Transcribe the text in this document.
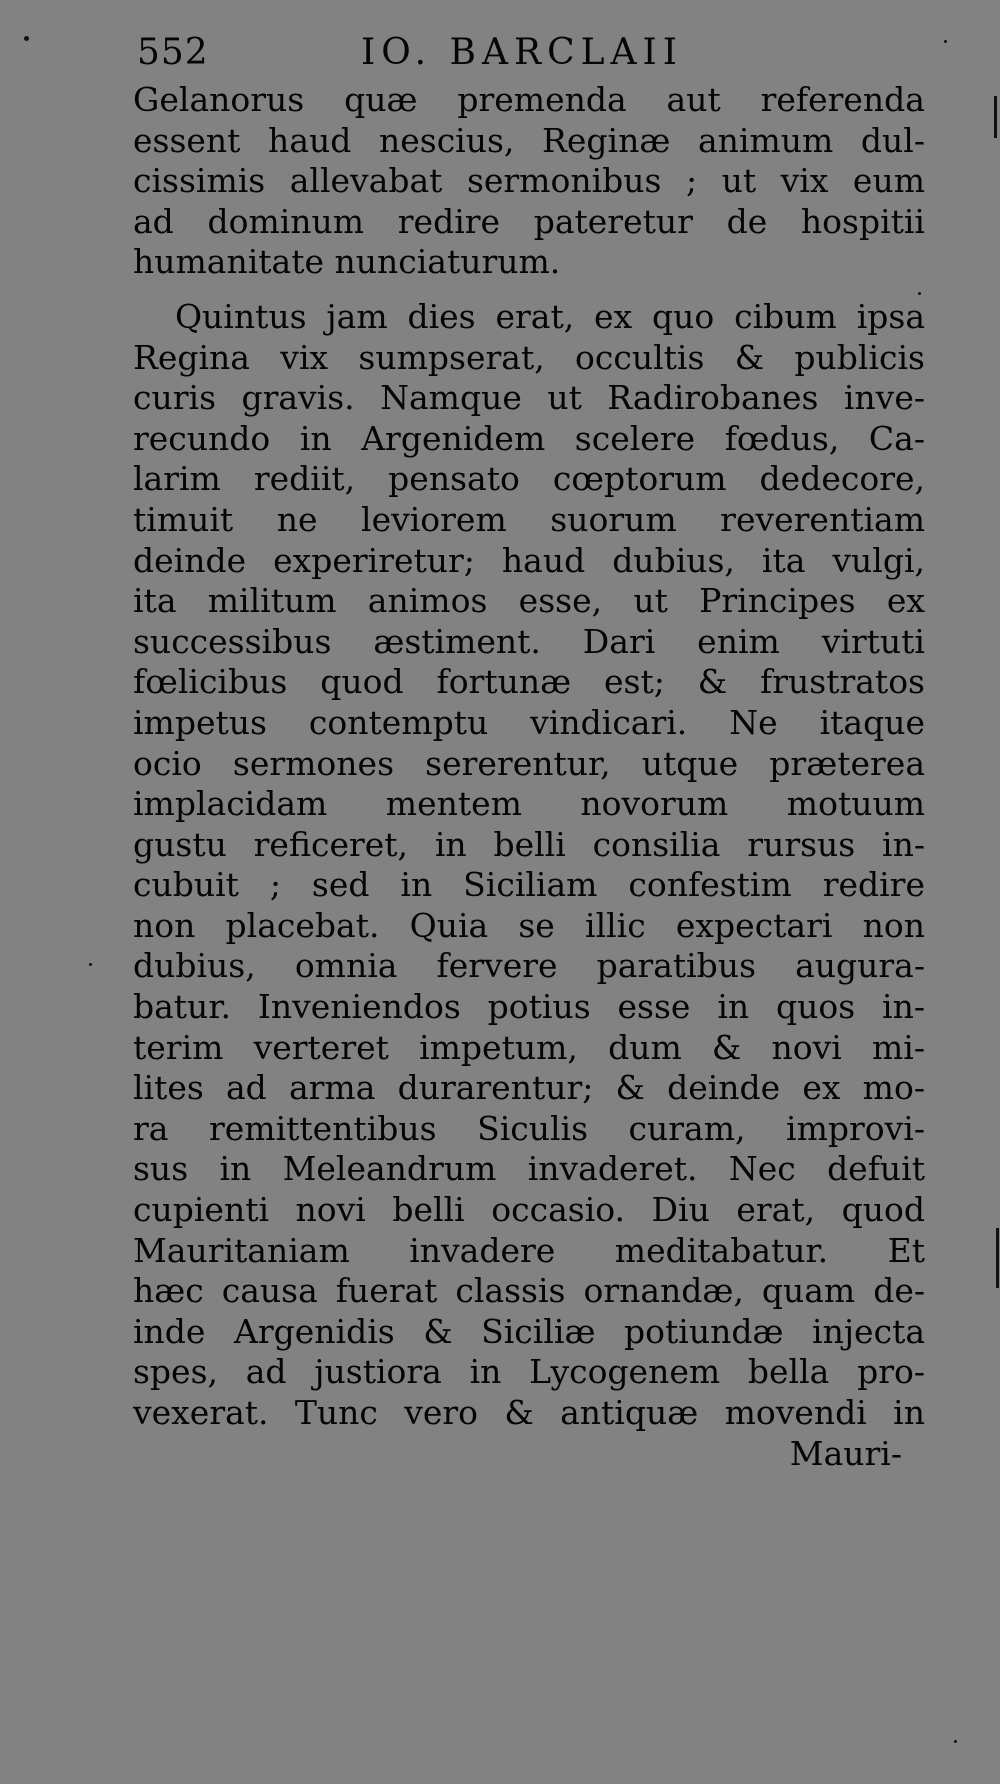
552	IO. BARCLAII
Gelanorus quæ premenda aut referenda
essent haud nescius, Reginæ animum dul-
cissimis allevabat sermonibus ; ut vix eum
ad dominum redire pateretur de hospitii
humanitate nunciaturum.
Quintus jam dies erat, ex quo cibum ipsa
Regina vix sumpserat, occultis & publicis
curis gravis. Namque ut Radirobanes inve-
recundo in Argenidem scelere fœdus, Ca-
larim rediit, pensato cœptorum dedecore,
timuit ne leviorem suorum reverentiam
deinde experiretur; haud dubius, ita vulgi,
ita militum animos esse, ut Principes ex
successibus æstiment. Dari enim virtuti
fœlicibus quod fortunæ est; & frustratos
impetus contemptu vindicari. Ne itaque
ocio sermones sererentur, utque præterea
implacidam mentem novorum motuum
gustu reficeret, in belli consilia rursus in-
cubuit ; sed in Siciliam confestim redire
non placebat. Quia se illic expectari non
dubius, omnia fervere paratibus augura-
batur. Inveniendos potius esse in quos in-
terim verteret impetum, dum & novi mi-
lites ad arma durarentur; & deinde ex mo-
ra remittentibus Siculis curam, improvi-
sus in Meleandrum invaderet. Nec defuit
cupienti novi belli occasio. Diu erat, quod
Mauritaniam invadere meditabatur. Et
hæc causa fuerat classis ornandæ, quam de-
inde Argenidis & Siciliæ potiundæ injecta
spes, ad justiora in Lycogenem bella pro-
vexerat. Tunc vero & antiquæ movendi in
Mauri-
